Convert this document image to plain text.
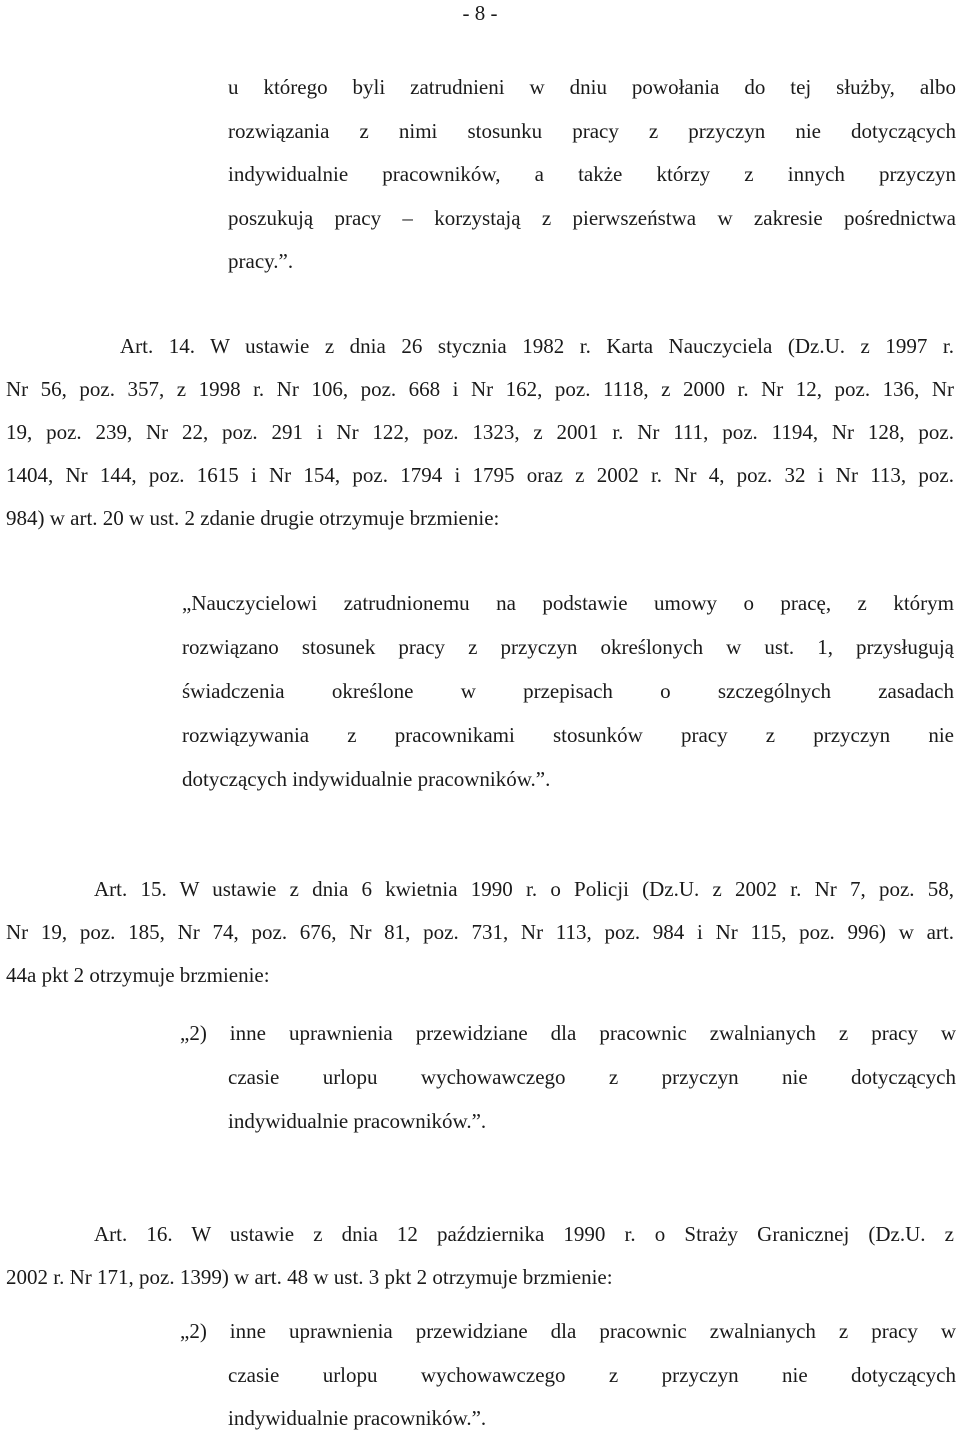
- 8 -
u którego byli zatrudnieni w dniu powołania do tej służby, albo
rozwiązania z nimi stosunku pracy z przyczyn nie dotyczących
indywidualnie pracowników, a także którzy z innych przyczyn
poszukują pracy – korzystają z pierwszeństwa w zakresie pośrednictwa
pracy.”.
Art. 14. W ustawie z dnia 26 stycznia 1982 r. Karta Nauczyciela (Dz.U. z 1997 r.
Nr 56, poz. 357, z 1998 r. Nr 106, poz. 668 i Nr 162, poz. 1118, z 2000 r. Nr 12, poz. 136, Nr
19, poz. 239, Nr 22, poz. 291 i Nr 122, poz. 1323, z 2001 r. Nr 111, poz. 1194, Nr 128, poz.
1404, Nr 144, poz. 1615 i Nr 154, poz. 1794 i 1795 oraz z 2002 r. Nr 4, poz. 32 i Nr 113, poz.
984) w art. 20 w ust. 2 zdanie drugie otrzymuje brzmienie:
„Nauczycielowi zatrudnionemu na podstawie umowy o pracę, z którym
rozwiązano stosunek pracy z przyczyn określonych w ust. 1, przysługują
świadczenia określone w przepisach o szczególnych zasadach
rozwiązywania z pracownikami stosunków pracy z przyczyn nie
dotyczących indywidualnie pracowników.”.
Art. 15. W ustawie z dnia 6 kwietnia 1990 r. o Policji (Dz.U. z 2002 r. Nr 7, poz. 58,
Nr 19, poz. 185, Nr 74, poz. 676, Nr 81, poz. 731, Nr 113, poz. 984 i Nr 115, poz. 996) w art.
44a pkt 2 otrzymuje brzmienie:
„2) inne uprawnienia przewidziane dla pracownic zwalnianych z pracy w
czasie urlopu wychowawczego z przyczyn nie dotyczących
indywidualnie pracowników.”.
Art. 16. W ustawie z dnia 12 października 1990 r. o Straży Granicznej (Dz.U. z
2002 r. Nr 171, poz. 1399) w art. 48 w ust. 3 pkt 2 otrzymuje brzmienie:
„2) inne uprawnienia przewidziane dla pracownic zwalnianych z pracy w
czasie urlopu wychowawczego z przyczyn nie dotyczących
indywidualnie pracowników.”.
